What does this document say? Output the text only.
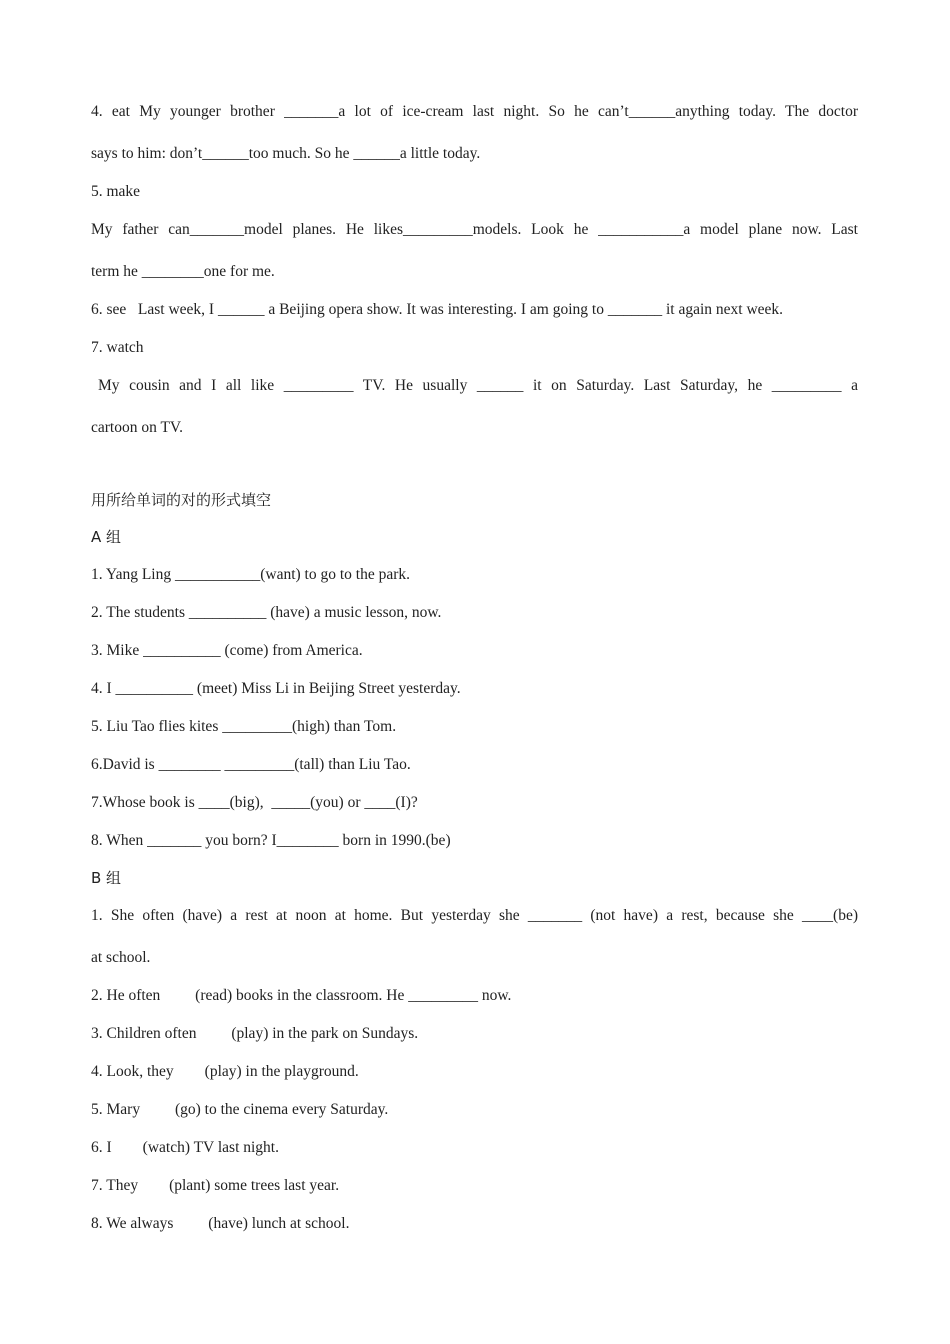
4. eat My younger brother _______a lot of ice-cream last night. So he can’t______anything today. The doctor
says to him: don’t______too much. So he ______a little today.
5. make
My father can_______model planes. He likes_________models. Look he ___________a model plane now. Last
term he ________one for me.
6. see   Last week, I ______ a Beijing opera show. It was interesting. I am going to _______ it again next week.
7. watch
My cousin and I all like _________ TV. He usually ______ it on Saturday. Last Saturday, he _________ a
cartoon on TV.
用所给单词的对的形式填空
A 组
1. Yang Ling ___________(want) to go to the park.
2. The students __________ (have) a music lesson, now.
3. Mike __________ (come) from America.
4. I __________ (meet) Miss Li in Beijing Street yesterday.
5. Liu Tao flies kites _________(high) than Tom.
6.David is ________ _________(tall) than Liu Tao.
7.Whose book is ____(big),  _____(you) or ____(I)?
8. When _______ you born? I________ born in 1990.(be)
B 组
1. She often (have) a rest at noon at home. But yesterday she _______ (not have) a rest, because she ____(be)
at school.
2. He often         (read) books in the classroom. He _________ now.
3. Children often         (play) in the park on Sundays.
4. Look, they        (play) in the playground.
5. Mary         (go) to the cinema every Saturday.
6. I        (watch) TV last night.
7. They        (plant) some trees last year.
8. We always         (have) lunch at school.
